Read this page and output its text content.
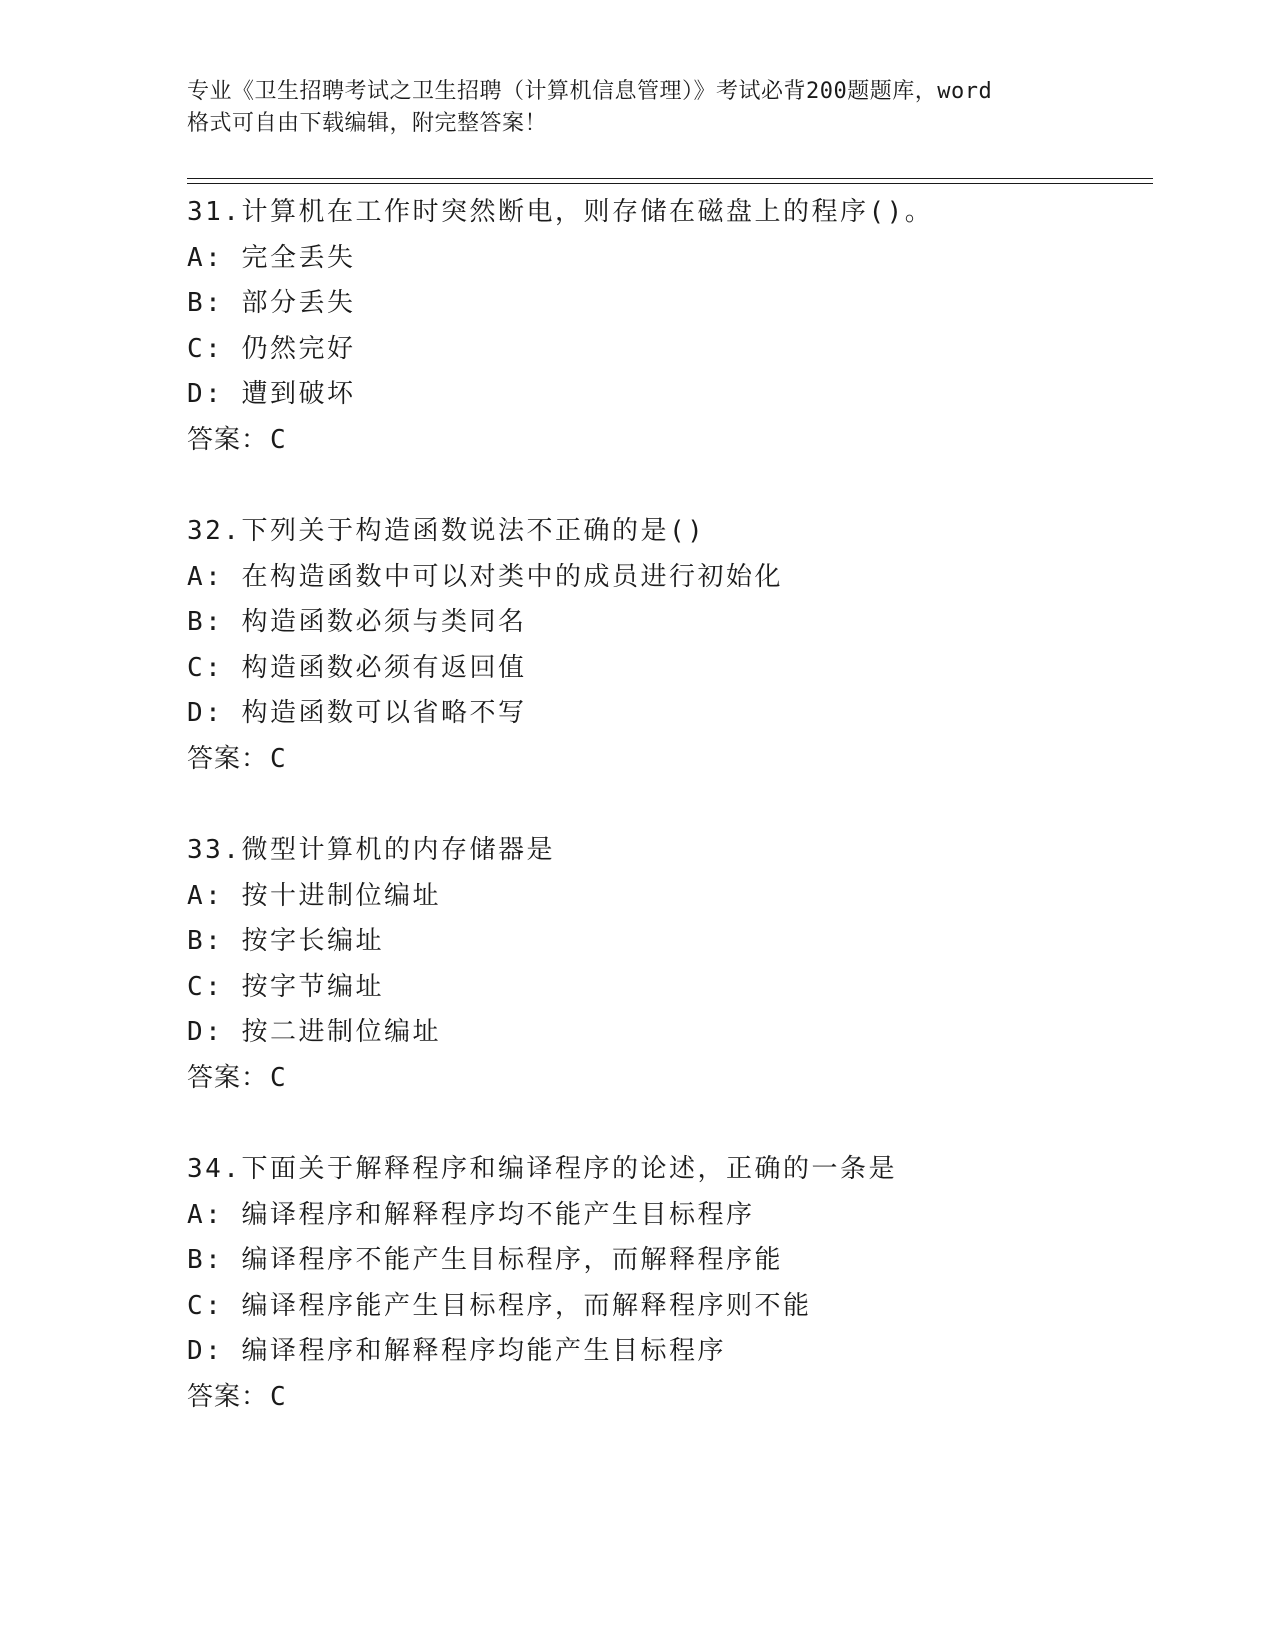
专业《卫生招聘考试之卫生招聘（计算机信息管理）》考试必背200题题库，word
格式可自由下载编辑，附完整答案！
31.计算机在工作时突然断电，则存储在磁盘上的程序()。
A: 完全丢失
B: 部分丢失
C: 仍然完好
D: 遭到破坏
答案：C
32.下列关于构造函数说法不正确的是()
A: 在构造函数中可以对类中的成员进行初始化
B: 构造函数必须与类同名
C: 构造函数必须有返回值
D: 构造函数可以省略不写
答案：C
33.微型计算机的内存储器是
A: 按十进制位编址
B: 按字长编址
C: 按字节编址
D: 按二进制位编址
答案：C
34.下面关于解释程序和编译程序的论述，正确的一条是
A: 编译程序和解释程序均不能产生目标程序
B: 编译程序不能产生目标程序，而解释程序能
C: 编译程序能产生目标程序，而解释程序则不能
D: 编译程序和解释程序均能产生目标程序
答案：C
